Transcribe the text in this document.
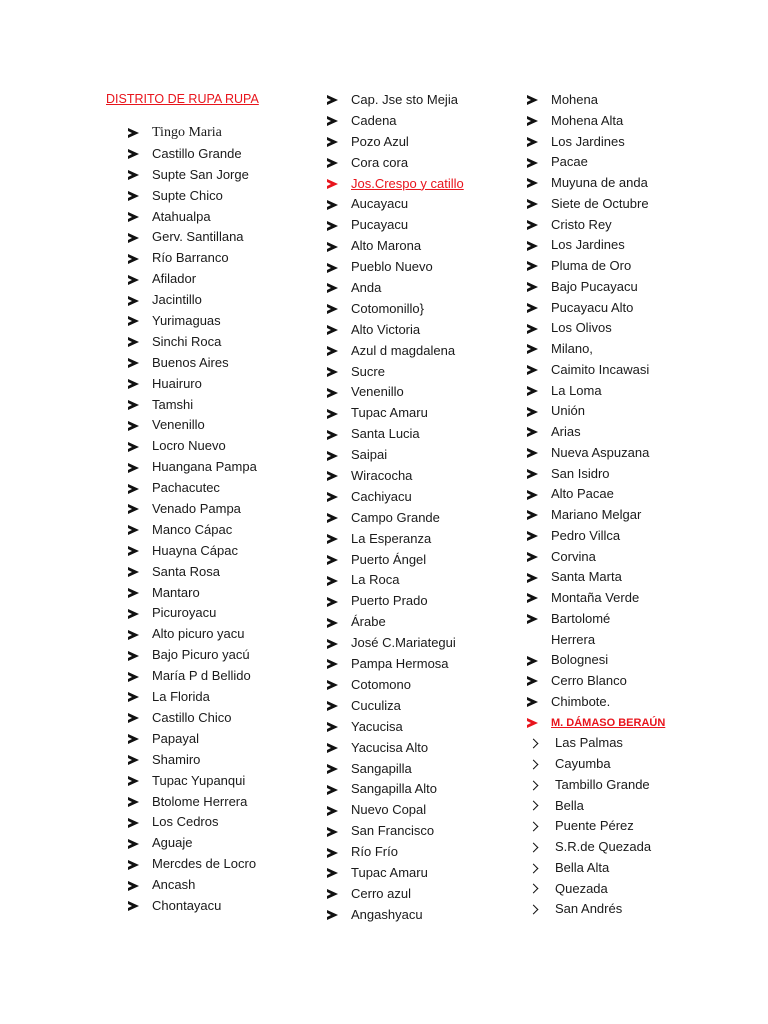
DISTRITO DE RUPA RUPA
Tingo Maria
Castillo Grande
Supte San Jorge
Supte Chico
Atahualpa
Gerv. Santillana
Río Barranco
Afilador
Jacintillo
Yurimaguas
Sinchi Roca
Buenos Aires
Huairuro
Tamshi
Venenillo
Locro Nuevo
Huangana Pampa
Pachacutec
Venado Pampa
Manco Cápac
Huayna Cápac
Santa Rosa
Mantaro
Picuroyacu
Alto picuro yacu
Bajo Picuro yacú
María P d Bellido
La Florida
Castillo Chico
Papayal
Shamiro
Tupac Yupanqui
Btolome Herrera
Los Cedros
Aguaje
Mercdes de Locro
Ancash
Chontayacu
Cap. Jse sto Mejia
Cadena
Pozo Azul
Cora cora
Jos.Crespo y catillo
Aucayacu
Pucayacu
Alto Marona
Pueblo Nuevo
Anda
Cotomonillo}
Alto Victoria
Azul d magdalena
Sucre
Venenillo
Tupac Amaru
Santa Lucia
Saipai
Wiracocha
Cachiyacu
Campo Grande
La Esperanza
Puerto Ángel
La Roca
Puerto Prado
Árabe
José C.Mariategui
Pampa Hermosa
Cotomono
Cuculiza
Yacucisa
Yacucisa Alto
Sangapilla
Sangapilla Alto
Nuevo Copal
San Francisco
Río Frío
Tupac Amaru
Cerro azul
Angashyacu
Mohena
Mohena Alta
Los Jardines
Pacae
Muyuna de anda
Siete de Octubre
Cristo Rey
Los Jardines
Pluma de Oro
Bajo Pucayacu
Pucayacu Alto
Los Olivos
Milano,
Caimito Incawasi
La Loma
Unión
Arias
Nueva Aspuzana
San Isidro
Alto Pacae
Mariano Melgar
Pedro Villca
Corvina
Santa Marta
Montaña Verde
Bartolomé
Herrera
Bolognesi
Cerro Blanco
Chimbote.
M. DÁMASO BERAÚN
Las Palmas
Cayumba
Tambillo Grande
Bella
Puente Pérez
S.R.de Quezada
Bella Alta
Quezada
San Andrés
